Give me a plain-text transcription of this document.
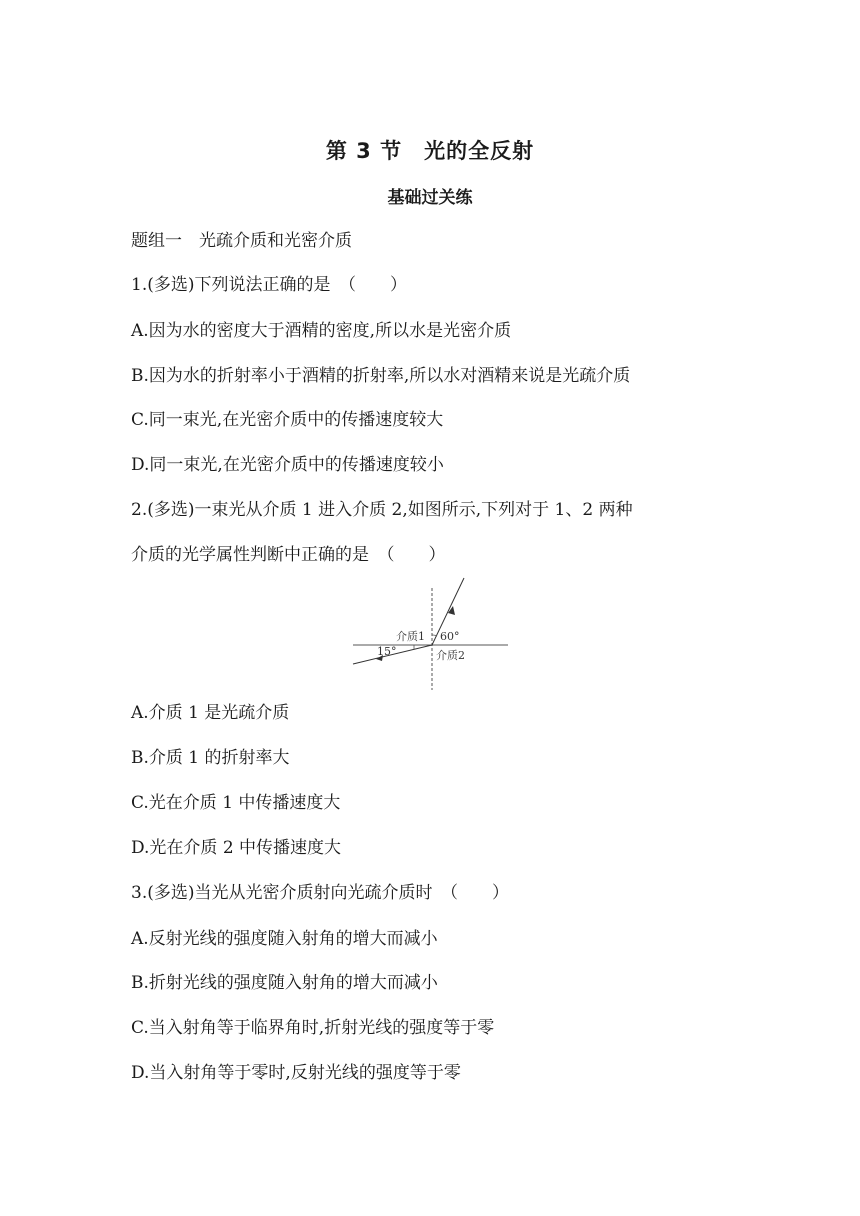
第 3 节　光的全反射
基础过关练
题组一　光疏介质和光密介质
1.(多选)下列说法正确的是　（　　）
A.因为水的密度大于酒精的密度,所以水是光密介质
B.因为水的折射率小于酒精的折射率,所以水对酒精来说是光疏介质
C.同一束光,在光密介质中的传播速度较大
D.同一束光,在光密介质中的传播速度较小
2.(多选)一束光从介质 1 进入介质 2,如图所示,下列对于 1、2 两种
介质的光学属性判断中正确的是　（　　）
介质1 60°
15°	介质2
A.介质 1 是光疏介质
B.介质 1 的折射率大
C.光在介质 1 中传播速度大
D.光在介质 2 中传播速度大
3.(多选)当光从光密介质射向光疏介质时　（　　）
A.反射光线的强度随入射角的增大而减小
B.折射光线的强度随入射角的增大而减小
C.当入射角等于临界角时,折射光线的强度等于零
D.当入射角等于零时,反射光线的强度等于零
